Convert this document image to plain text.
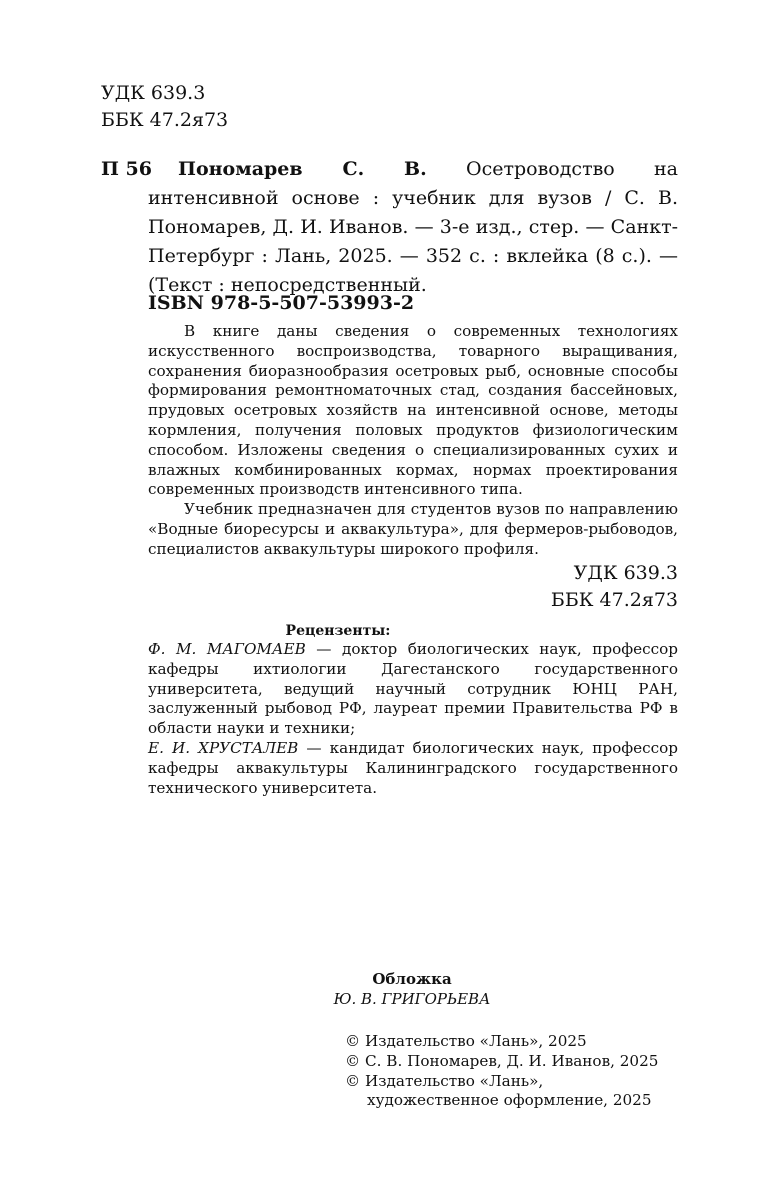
УДК 639.3
ББК 47.2я73
П 56	Пономарев С. В. Осетроводство на интенсивной основе : учебник для вузов / С. В. Пономарев, Д. И. Иванов. — 3-е изд., стер. — Санкт-Петербург : Лань, 2025. — 352 с. : вклейка (8 с.). — (Текст : непосредственный.
ISBN 978-5-507-53993-2

В книге даны сведения о современных технологиях искусственного воспроизводства, товарного выращивания, сохранения биоразнообразия осетровых рыб, основные способы формирования ремонтноматочных стад, создания бассейновых, прудовых осетровых хозяйств на интенсивной основе, методы кормления, получения половых продуктов физиологическим способом. Изложены сведения о специализированных сухих и влажных комбинированных кормах, нормах проектирования современных производств интенсивного типа.

Учебник предназначен для студентов вузов по направлению «Водные биоресурсы и аквакультура», для фермеров-рыбоводов, специалистов аквакультуры широкого профиля.

УДК 639.3
ББК 47.2я73
Рецензенты:

Ф. М. МАГОМАЕВ — доктор биологических наук, профессор кафедры ихтиологии Дагестанского государственного университета, ведущий научный сотрудник ЮНЦ РАН, заслуженный рыбовод РФ, лауреат премии Правительства РФ в области науки и техники;

Е. И. ХРУСТАЛЕВ — кандидат биологических наук, профессор кафедры аквакультуры Калининградского государственного технического университета.

Обложка
Ю. В. ГРИГОРЬЕВА
© Издательство «Лань», 2025
© С. В. Пономарев, Д. И. Иванов, 2025
© Издательство «Лань»,
художественное оформление, 2025
